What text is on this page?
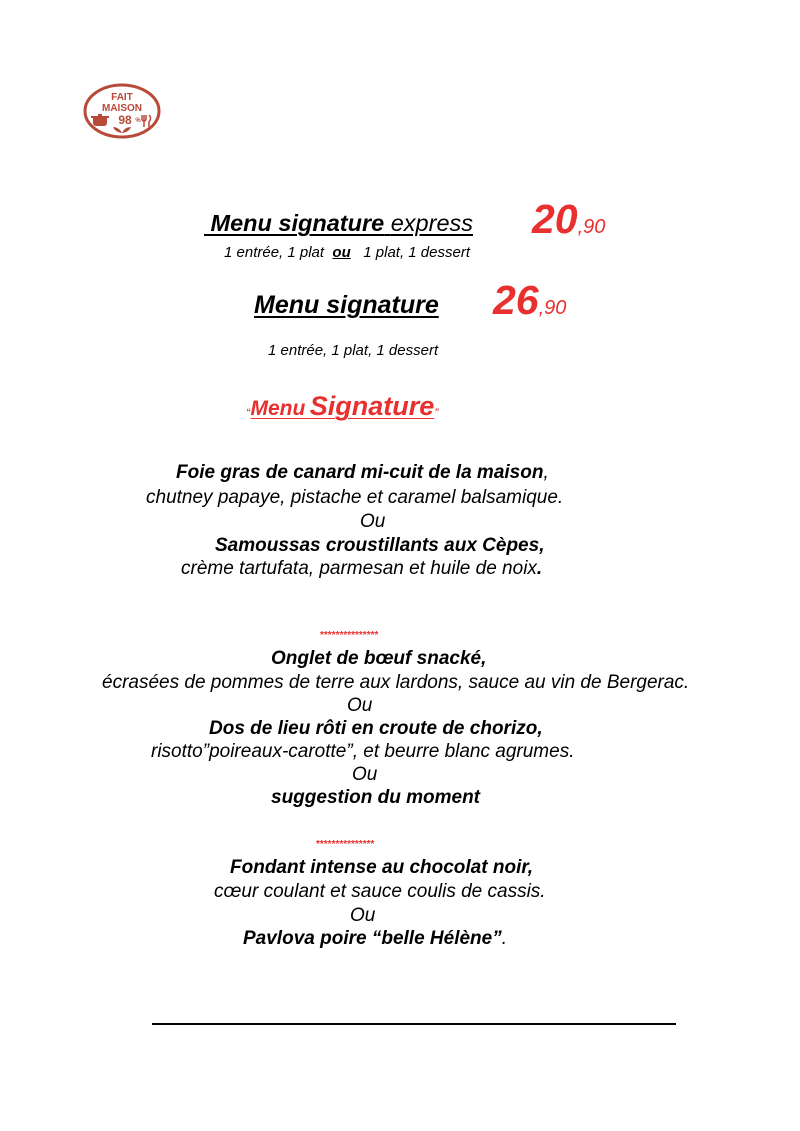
FAIT
MAISON
98 %
Menu signature express 20,90
1 entrée, 1 plat ou 1 plat, 1 dessert
Menu signature 26,90
1 entrée, 1 plat, 1 dessert
“Menu Signature”
Foie gras de canard mi-cuit de la maison,
chutney papaye, pistache et caramel balsamique.
Ou
Samoussas croustillants aux Cèpes,
crème tartufata, parmesan et huile de noix.
***************
Onglet de bœuf snacké,
écrasées de pommes de terre aux lardons, sauce au vin de Bergerac.
Ou
Dos de lieu rôti en croute de chorizo,
risotto”poireaux-carotte”, et beurre blanc agrumes.
Ou
suggestion du moment
***************
Fondant intense au chocolat noir,
cœur coulant et sauce coulis de cassis.
Ou
Pavlova poire “belle Hélène”.
